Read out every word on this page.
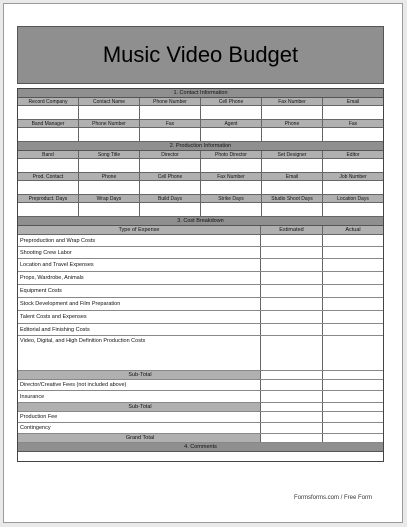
Music Video Budget
1. Contact Information
Record Company	Contact Name	Phone Number	Cell Phone	Fax Number	Email
Band Manager	Phone Number	Fax	Agent	Phone	Fax
2. Production Information
Band	Song Title	Director	Photo Director	Set Designer	Editor
Prod. Contact	Phone	Cell Phone	Fax Number	Email	Job Number
Preproduct. Days	Wrap Days	Build Days	Strike Days	Studio Shoot Days	Location Days
3. Cost Breakdown
Type of Expense	Estimated	Actual
Preproduction and Wrap Costs
Shooting Crew Labor
Location and Travel Expenses
Props, Wardrobe, Animals
Equipment Costs
Stock Development and Film Preparation
Talent Costs and Expenses
Editorial and Finishing Costs
Video, Digital, and High Definition Production Costs
Sub-Total
Director/Creative Fees (not included above)
Insurance
Sub-Total
Production Fee
Contingency
Grand Total
4. Comments
Formsforms.com / Free Form
